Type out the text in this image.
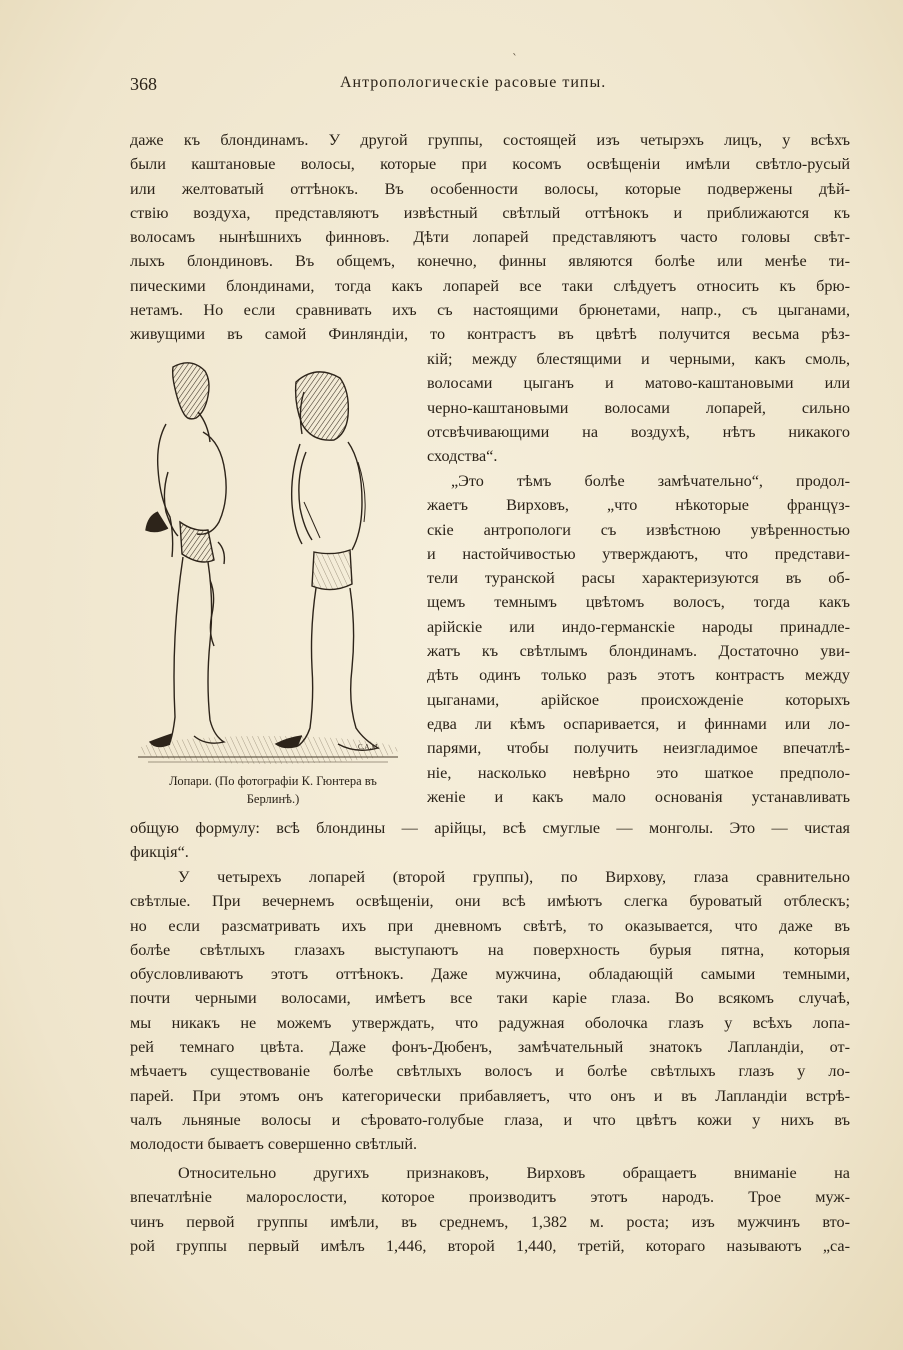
`
368	Антропологическіе расовые типы.
даже къ блондинамъ. У другой группы, состоящей изъ четырэхъ лицъ, у всѣхъ
были каштановые волосы, которые при косомъ освѣщеніи имѣли свѣтло-русый
или желтоватый оттѣнокъ. Въ особенности волосы, которые подвержены дѣй-
ствію воздуха, представляютъ извѣстный свѣтлый оттѣнокъ и приближаются къ
волосамъ нынѣшнихъ финновъ. Дѣти лопарей представляютъ часто головы свѣт-
лыхъ блондиновъ. Въ общемъ, конечно, финны являются болѣе или менѣе ти-
пическими блондинами, тогда какъ лопарей все таки слѣдуетъ относить къ брю-
нетамъ. Но если сравнивать ихъ съ настоящими брюнетами, напр., съ цыганами,
живущими въ самой Финляндіи, то контрастъ въ цвѣтѣ получится весьма рѣз-
кій; между блестящими и черными, какъ смоль,
волосами цыганъ и матово-каштановыми или
черно-каштановыми волосами лопарей, сильно
отсвѣчивающими на воздухѣ, нѣтъ никакого
сходства“.
„Это тѣмъ болѣе замѣчательно“, продол-
жаетъ Вирховъ, „что нѣкоторые францүз-
скіе антропологи съ извѣстною увѣренностью
и настойчивостью утверждаютъ, что представи-
тели туранской расы характеризуются въ об-
щемъ темнымъ цвѣтомъ волосъ, тогда какъ
арійскіе или индо-германскіе народы принадле-
жатъ къ свѣтлымъ блондинамъ. Достаточно уви-
дѣть одинъ только разъ этотъ контрастъ между
цыганами, арійское происхожденіе которыхъ
едва ли кѣмъ оспаривается, и финнами или ло-
парями, чтобы получить неизгладимое впечатлѣ-
ніе, насколько невѣрно это шаткое предполо-
женіе и какъ мало основанія устанавливать
общую формулу: всѣ блондины — арійцы, всѣ смуглые — монголы. Это — чистая
фикція“.
С.А.М.
Лопари. (По фотографіи К. Гюнтера въ
Берлинѣ.)
У четырехъ лопарей (второй группы), по Вирхову, глаза сравнительно
свѣтлые. При вечернемъ освѣщеніи, они всѣ имѣютъ слегка буроватый отблескъ;
но если разсматривать ихъ при дневномъ свѣтѣ, то оказывается, что даже въ
болѣе свѣтлыхъ глазахъ выступаютъ на поверхность бурыя пятна, которыя
обусловливаютъ этотъ оттѣнокъ. Даже мужчина, обладающій самыми темными,
почти черными волосами, имѣетъ все таки каріе глаза. Во всякомъ случаѣ,
мы никакъ не можемъ утверждать, что радужная оболочка глазъ у всѣхъ лопа-
рей темнаго цвѣта. Даже фонъ-Дюбенъ, замѣчательный знатокъ Лапландіи, от-
мѣчаетъ существованіе болѣе свѣтлыхъ волосъ и болѣе свѣтлыхъ глазъ у ло-
парей. При этомъ онъ категорически прибавляетъ, что онъ и въ Лапландіи встрѣ-
чалъ льняные волосы и сѣровато-голубые глаза, и что цвѣтъ кожи у нихъ въ
молодости бываетъ совершенно свѣтлый.
Относительно другихъ признаковъ, Вирховъ обращаетъ вниманіе на
впечатлѣніе малорослости, которое производитъ этотъ народъ. Трое муж-
чинъ первой группы имѣли, въ среднемъ, 1,382 м. роста; изъ мужчинъ вто-
рой группы первый имѣлъ 1,446, второй 1,440, третій, котораго называютъ „са-
